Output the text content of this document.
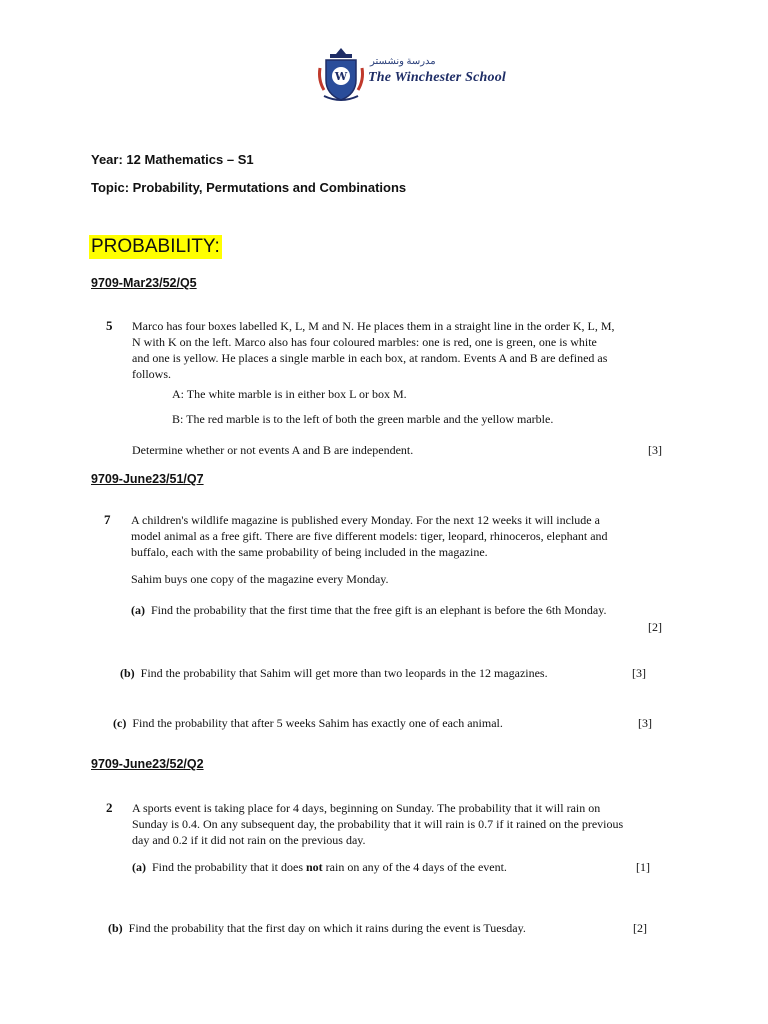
W
مدرسة ونشستر
The Winchester School
Year: 12 Mathematics – S1
Topic: Probability, Permutations and Combinations
PROBABILITY:
9709-Mar23/52/Q5
5 Marco has four boxes labelled K, L, M and N. He places them in a straight line in the order K, L, M,
N with K on the left. Marco also has four coloured marbles: one is red, one is green, one is white
and one is yellow. He places a single marble in each box, at random. Events A and B are defined as
follows.
A: The white marble is in either box L or box M.
B: The red marble is to the left of both the green marble and the yellow marble.
Determine whether or not events A and B are independent.	[3]
9709-June23/51/Q7
7 A children's wildlife magazine is published every Monday. For the next 12 weeks it will include a
model animal as a free gift. There are five different models: tiger, leopard, rhinoceros, elephant and
buffalo, each with the same probability of being included in the magazine.
Sahim buys one copy of the magazine every Monday.
(a) Find the probability that the first time that the free gift is an elephant is before the 6th Monday.
[2]
(b) Find the probability that Sahim will get more than two leopards in the 12 magazines.	[3]
(c) Find the probability that after 5 weeks Sahim has exactly one of each animal.	[3]
9709-June23/52/Q2
2 A sports event is taking place for 4 days, beginning on Sunday. The probability that it will rain on
Sunday is 0.4. On any subsequent day, the probability that it will rain is 0.7 if it rained on the previous
day and 0.2 if it did not rain on the previous day.
(a) Find the probability that it does not rain on any of the 4 days of the event.	[1]
(b) Find the probability that the first day on which it rains during the event is Tuesday.	[2]
